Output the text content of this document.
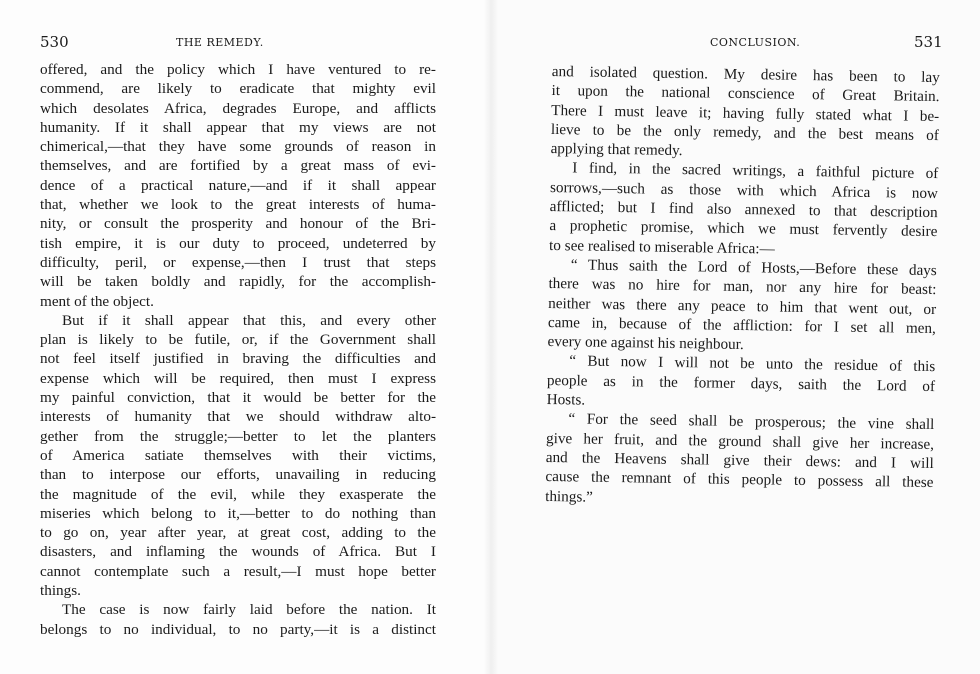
530	THE REMEDY.
offered, and the policy which I have ventured to re-
commend, are likely to eradicate that mighty evil
which desolates Africa, degrades Europe, and afflicts
humanity. If it shall appear that my views are not
chimerical,—that they have some grounds of reason in
themselves, and are fortified by a great mass of evi-
dence of a practical nature,—and if it shall appear
that, whether we look to the great interests of huma-
nity, or consult the prosperity and honour of the Bri-
tish empire, it is our duty to proceed, undeterred by
difficulty, peril, or expense,—then I trust that steps
will be taken boldly and rapidly, for the accomplish-
ment of the object.
But if it shall appear that this, and every other
plan is likely to be futile, or, if the Government shall
not feel itself justified in braving the difficulties and
expense which will be required, then must I express
my painful conviction, that it would be better for the
interests of humanity that we should withdraw alto-
gether from the struggle;—better to let the planters
of America satiate themselves with their victims,
than to interpose our efforts, unavailing in reducing
the magnitude of the evil, while they exasperate the
miseries which belong to it,—better to do nothing than
to go on, year after year, at great cost, adding to the
disasters, and inflaming the wounds of Africa. But I
cannot contemplate such a result,—I must hope better
things.
The case is now fairly laid before the nation. It
belongs to no individual, to no party,—it is a distinct
CONCLUSION.	531
and isolated question. My desire has been to lay
it upon the national conscience of Great Britain.
There I must leave it; having fully stated what I be-
lieve to be the only remedy, and the best means of
applying that remedy.
I find, in the sacred writings, a faithful picture of
sorrows,—such as those with which Africa is now
afflicted; but I find also annexed to that description
a prophetic promise, which we must fervently desire
to see realised to miserable Africa:—
“ Thus saith the Lord of Hosts,—Before these days
there was no hire for man, nor any hire for beast:
neither was there any peace to him that went out, or
came in, because of the affliction: for I set all men,
every one against his neighbour.
“ But now I will not be unto the residue of this
people as in the former days, saith the Lord of
Hosts.
“ For the seed shall be prosperous; the vine shall
give her fruit, and the ground shall give her increase,
and the Heavens shall give their dews: and I will
cause the remnant of this people to possess all these
things.”
